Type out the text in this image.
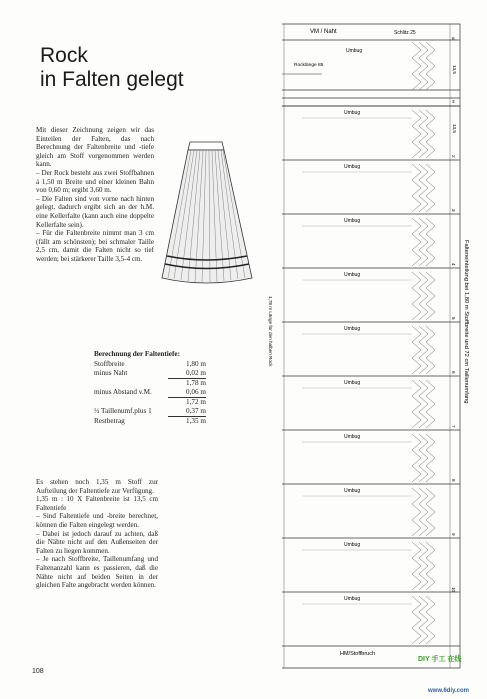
Rock
in Falten gelegt

Mit dieser Zeichnung zeigen wir das Einteilen der Falten, das nach Berechnung der Faltenbreite und -tiefe gleich am Stoff vorgenommen werden kann.

– Der Rock besteht aus zwei Stoffbahnen á 1,50 m Breite und einer kleinen Bahn von 0,60 m; ergibt 3,60 m.

– Die Falten sind von vorne nach hinten gelegt, dadurch ergibt sich an der h.M. eine Kellerfalte (kann auch eine doppelte Kellerfalte sein).

– Für die Faltenbreite nimmt man 3 cm (fällt am schönsten); bei schmaler Taille 2,5 cm, damit die Falten nicht so tief werden; bei stärkerer Taille 3,5-4 cm.

Berechnung der Faltentiefe:
Stoffbreite	1,80 m
minus Naht	0,02 m
1,78 m
minus Abstand v.M.	0,06 m
1,72 m
½ Taillenumf.plus 1	0,37 m
Restbetrag	1,35 m

Es stehen noch 1,35 m Stoff zur Aufteilung der Faltentiefe zur Verfügung.

1,35 m : 10 X Faltenbreite ist 13,5 cm Faltentiefe

– Sind Faltentiefe und -breite berechnet, können die Falten eingelegt werden.

– Dabei ist jedoch darauf zu achten, daß die Nähte nicht auf den Außenseiten der Falten zu liegen kommen.

– Je nach Stoffbreite, Taillenumfang und Faltenanzahl kann es passieren, daß die Nähte nicht auf beiden Seiten in der gleichen Falte angebracht werden können.

108
Umbug
Umbug
Umbug
Umbug
Umbug
Umbug
Umbug
Umbug
Umbug
Umbug
Umbug
2
3
4
5
6
7
8
9
10
VM / Naht	Schlitz 25
Rocklänge 85
HM/Stoffbruch
1,78 m Länge für den halben Rock	Falteneinteilung bei 1,80 m Stoffbreite und 72 cm Taillenumfang
6
13,5
3
13,5
DIY 手工 在线
www.6diy.com
